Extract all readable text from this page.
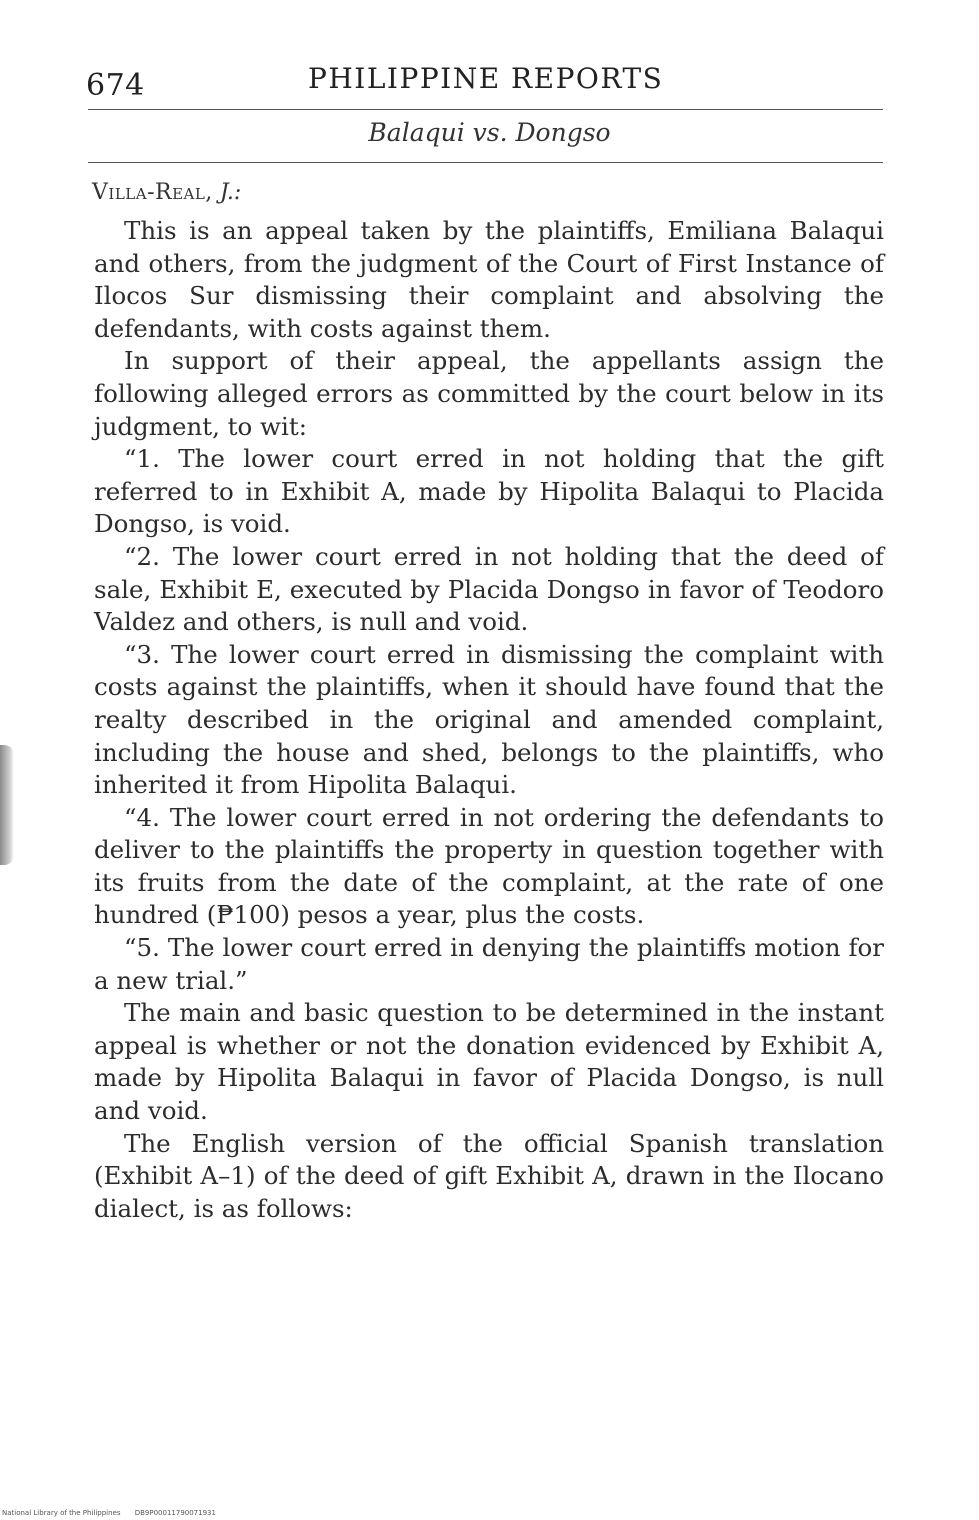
674	PHILIPPINE REPORTS
Balaqui vs. Dongso
Villa-Real, J.:

This is an appeal taken by the plaintiffs, Emiliana Balaqui and others, from the judgment of the Court of First Instance of Ilocos Sur dismissing their complaint and absolving the defendants, with costs against them.

In support of their appeal, the appellants assign the following alleged errors as committed by the court below in its judgment, to wit:

“1. The lower court erred in not holding that the gift referred to in Exhibit A, made by Hipolita Balaqui to Placida Dongso, is void.

“2. The lower court erred in not holding that the deed of sale, Exhibit E, executed by Placida Dongso in favor of Teodoro Valdez and others, is null and void.

“3. The lower court erred in dismissing the complaint with costs against the plaintiffs, when it should have found that the realty described in the original and amended complaint, including the house and shed, belongs to the plaintiffs, who inherited it from Hipolita Balaqui.

“4. The lower court erred in not ordering the defendants to deliver to the plaintiffs the property in question together with its fruits from the date of the complaint, at the rate of one hundred (₱100) pesos a year, plus the costs.

“5. The lower court erred in denying the plaintiffs motion for a new trial.”

The main and basic question to be determined in the instant appeal is whether or not the donation evidenced by Exhibit A, made by Hipolita Balaqui in favor of Placida Dongso, is null and void.

The English version of the official Spanish translation (Exhibit A–1) of the deed of gift Exhibit A, drawn in the Ilocano dialect, is as follows:

National Library of the Philippines DB9P00011790071931
